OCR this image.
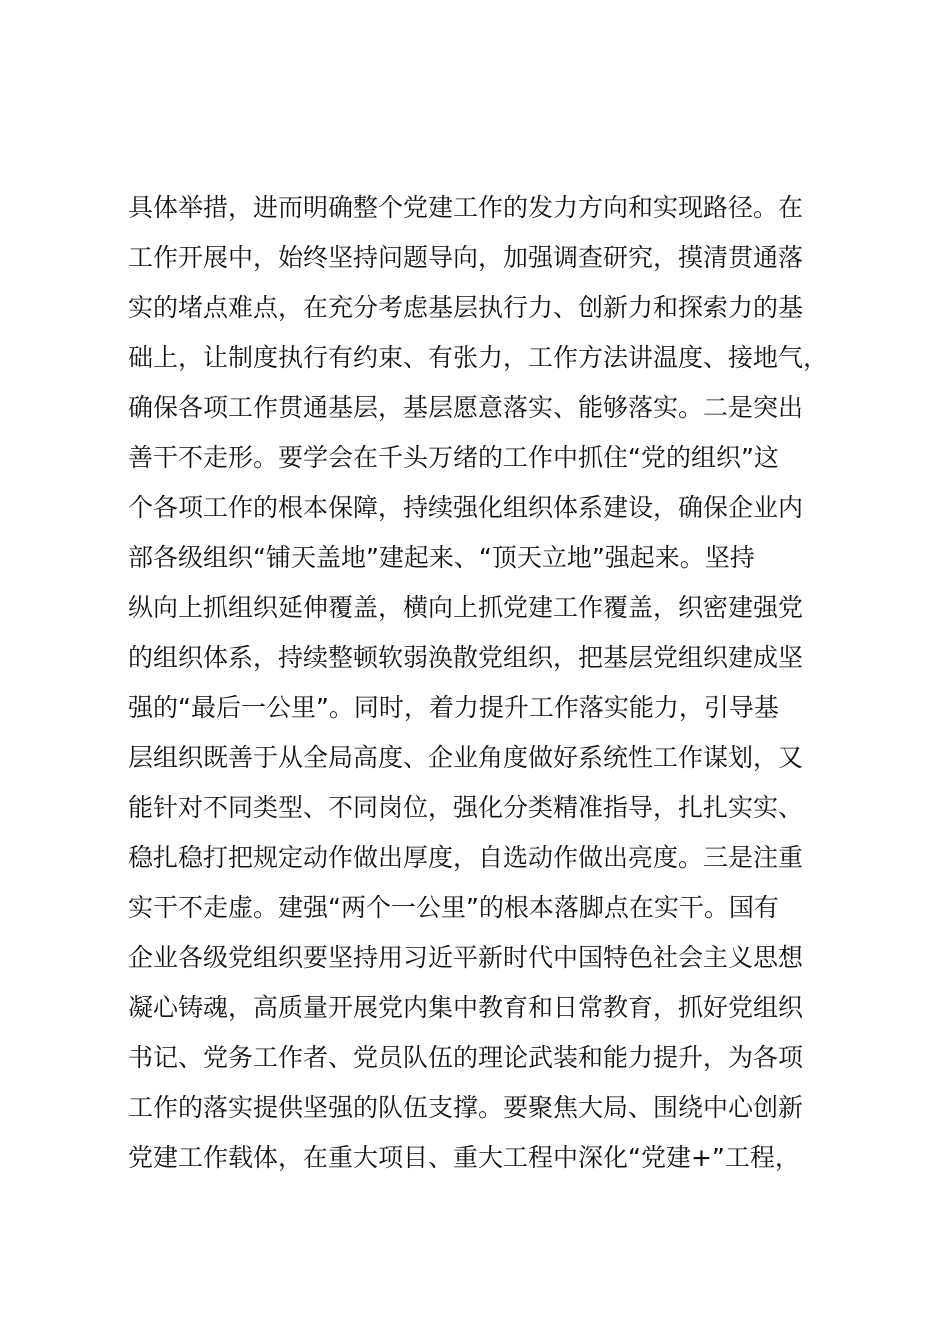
具体举措，进而明确整个党建工作的发力方向和实现路径。在
工作开展中，始终坚持问题导向，加强调查研究，摸清贯通落
实的堵点难点，在充分考虑基层执行力、创新力和探索力的基
础上，让制度执行有约束、有张力，工作方法讲温度、接地气，
确保各项工作贯通基层，基层愿意落实、能够落实。二是突出
善干不走形。要学会在千头万绪的工作中抓住“党的组织”这
个各项工作的根本保障，持续强化组织体系建设，确保企业内
部各级组织“铺天盖地”建起来、“顶天立地”强起来。坚持
纵向上抓组织延伸覆盖，横向上抓党建工作覆盖，织密建强党
的组织体系，持续整顿软弱涣散党组织，把基层党组织建成坚
强的“最后一公里”。同时，着力提升工作落实能力，引导基
层组织既善于从全局高度、企业角度做好系统性工作谋划，又
能针对不同类型、不同岗位，强化分类精准指导，扎扎实实、
稳扎稳打把规定动作做出厚度，自选动作做出亮度。三是注重
实干不走虚。建强“两个一公里”的根本落脚点在实干。国有
企业各级党组织要坚持用习近平新时代中国特色社会主义思想
凝心铸魂，高质量开展党内集中教育和日常教育，抓好党组织
书记、党务工作者、党员队伍的理论武装和能力提升，为各项
工作的落实提供坚强的队伍支撑。要聚焦大局、围绕中心创新
党建工作载体，在重大项目、重大工程中深化“党建+”工程，
